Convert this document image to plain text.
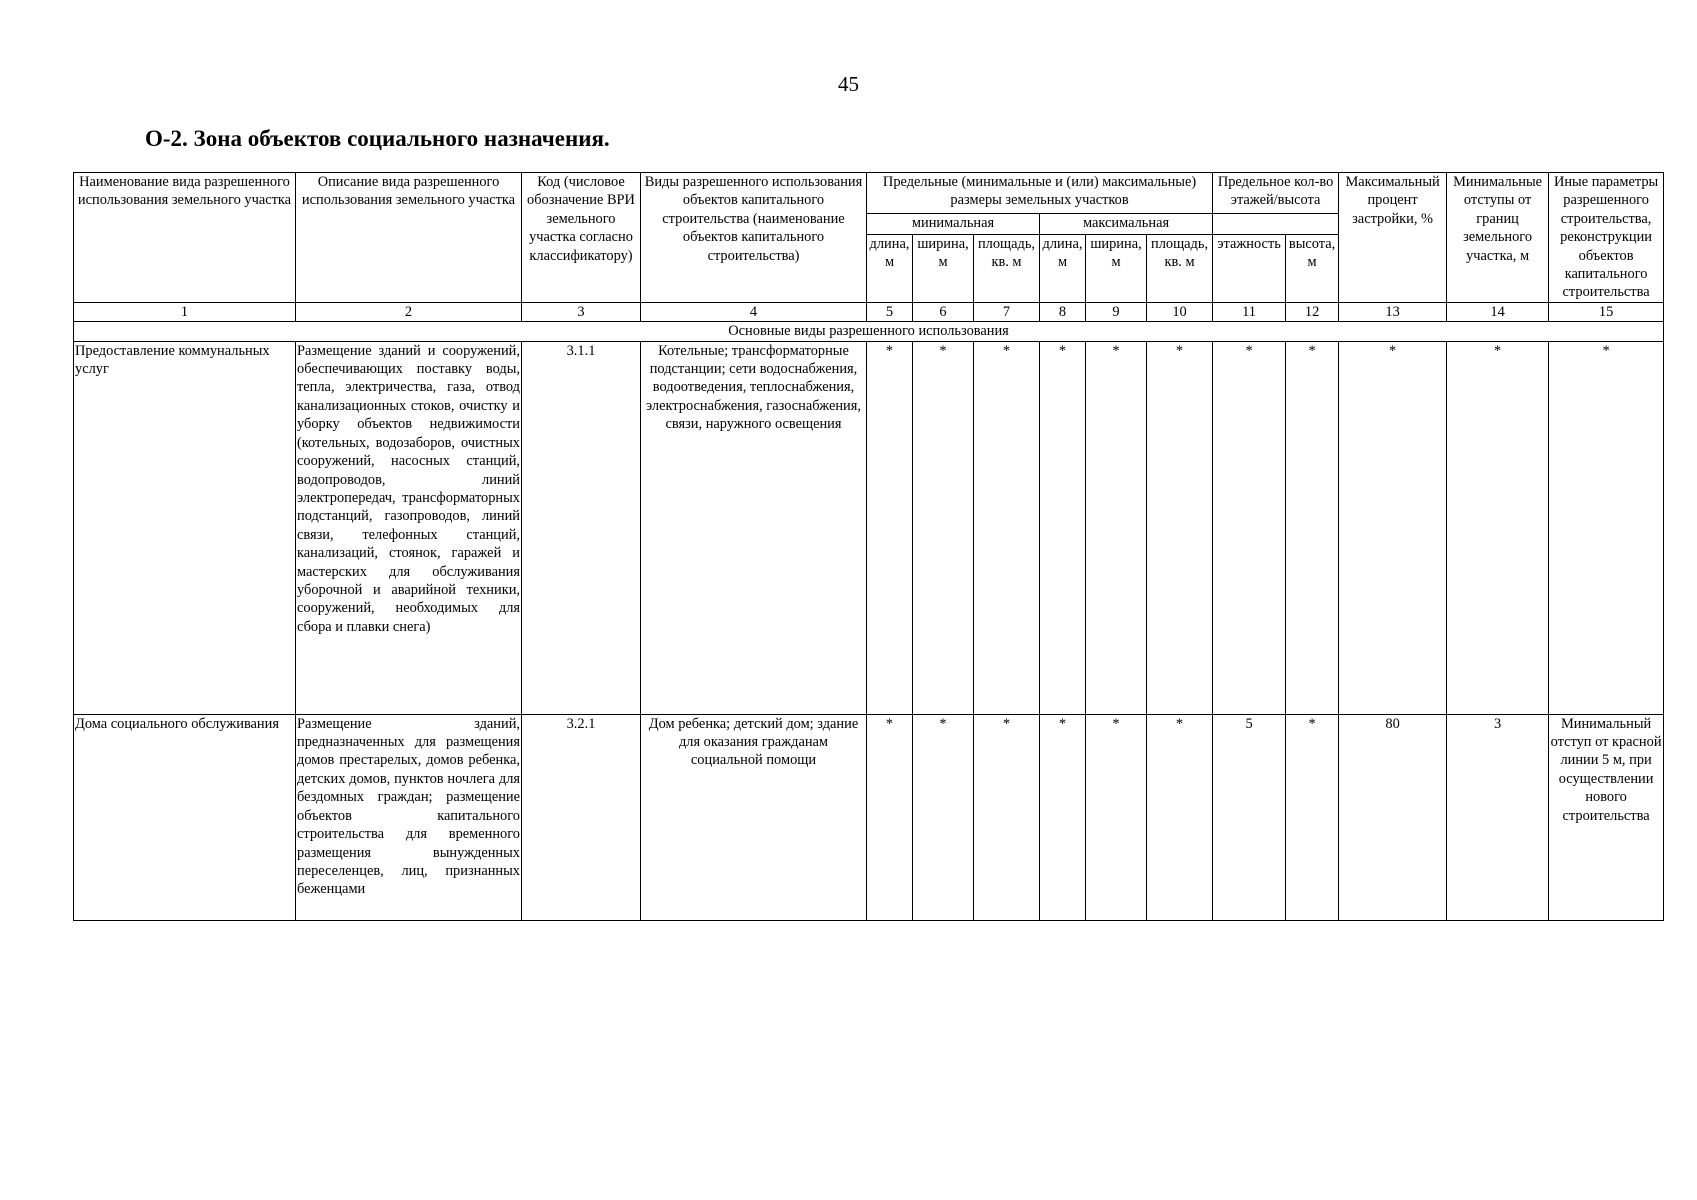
45
О-2. Зона объектов социального назначения.
Наименование вида разрешенного использования земельного участка	Описание вида разрешенного использования земельного участка	Код (числовое обозначение ВРИ земельного участка согласно классификатору)	Виды разрешенного использования объектов капитального строительства (наименование объектов капитального строительства)	Предельные (минимальные и (или) максимальные) размеры земельных участков						Предельное кол-во этажей/высота		Максимальный процент застройки, %	Минимальные отступы от границ земельного участка, м	Иные параметры разрешенного строительства, реконструкции объектов капитального строительства
				минимальная			максимальная							
				длина, м	ширина, м	площадь, кв. м	длина, м	ширина, м	площадь, кв. м	этажность	высота, м			
1	2	3	4	5	6	7	8	9	10	11	12	13	14	15
Основные виды разрешенного использования														
Предоставление коммунальных услуг	Размещение зданий и сооружений, обеспечивающих поставку воды, тепла, электричества, газа, отвод канализационных стоков, очистку и уборку объектов недвижимости (котельных, водозаборов, очистных сооружений, насосных станций, водопроводов, линий электропередач, трансформаторных подстанций, газопроводов, линий связи, телефонных станций, канализаций, стоянок, гаражей и мастерских для обслуживания уборочной и аварийной техники, сооружений, необходимых для сбора и плавки снега)	3.1.1	Котельные; трансформаторные подстанции; сети водоснабжения, водоотведения, теплоснабжения, электроснабжения, газоснабжения, связи, наружного освещения	*	*	*	*	*	*	*	*	*	*	*
Дома социального обслуживания	Размещение зданий, предназначенных для размещения домов престарелых, домов ребенка, детских домов, пунктов ночлега для бездомных граждан; размещение объектов капитального строительства для временного размещения вынужденных переселенцев, лиц, признанных беженцами	3.2.1	Дом ребенка; детский дом; здание для оказания гражданам социальной помощи	*	*	*	*	*	*	5	*	80	3	Минимальный отступ от красной линии 5 м, при осуществлении нового строительства
